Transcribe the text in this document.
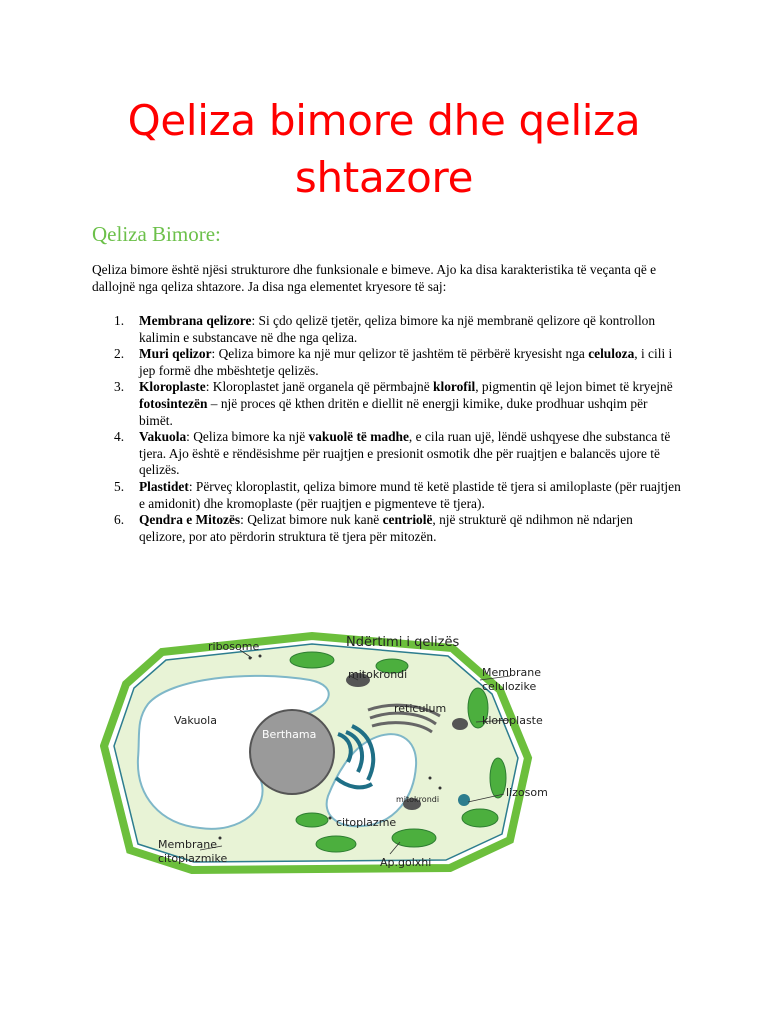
Qeliza bimore dhe qeliza
shtazore
Qeliza Bimore:

Qeliza bimore është njësi strukturore dhe funksionale e bimeve. Ajo ka disa karakteristika të veçanta që e dallojnë nga qeliza shtazore. Ja disa nga elementet kryesore të saj:

1. Membrana qelizore: Si çdo qelizë tjetër, qeliza bimore ka një membranë qelizore që kontrollon kalimin e substancave në dhe nga qeliza.
2. Muri qelizor: Qeliza bimore ka një mur qelizor të jashtëm të përbërë kryesisht nga celuloza, i cili i jep formë dhe mbështetje qelizës.
3. Kloroplaste: Kloroplastet janë organela që përmbajnë klorofil, pigmentin që lejon bimet të kryejnë fotosintezën – një proces që kthen dritën e diellit në energji kimike, duke prodhuar ushqim për bimët.
4. Vakuola: Qeliza bimore ka një vakuolë të madhe, e cila ruan ujë, lëndë ushqyese dhe substanca të tjera. Ajo është e rëndësishme për ruajtjen e presionit osmotik dhe për ruajtjen e balancës ujore të qelizës.
5. Plastidet: Përveç kloroplastit, qeliza bimore mund të ketë plastide të tjera si amiloplaste (për ruajtjen e amidonit) dhe kromoplaste (për ruajtjen e pigmenteve të tjera).
6. Qendra e Mitozës: Qelizat bimore nuk kanë centriolë, një strukturë që ndihmon në ndarjen qelizore, por ato përdorin struktura të tjera për mitozën.
Ndërtimi i qelizës
ribosome
mitokrondi	Membrane
celulozike
reticulum
kloroplaste
Vakuola
Berthama
mitokrondi
lizosom
citoplazme
Membrane
citoplazmike	Ap.golxhi
